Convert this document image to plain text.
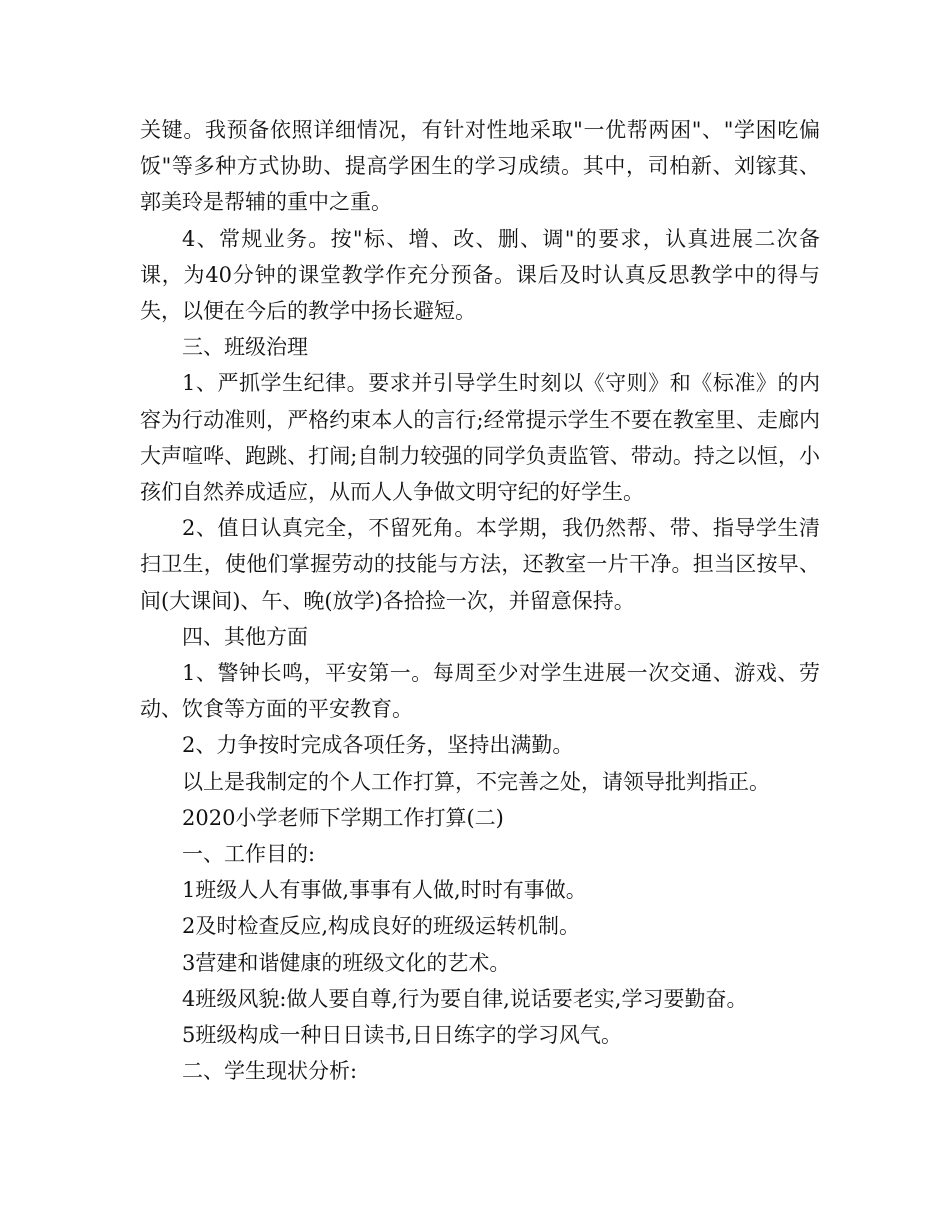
关键。我预备依照详细情况，有针对性地采取"一优帮两困"、"学困吃偏饭"等多种方式协助、提高学困生的学习成绩。其中，司柏新、刘镓萁、郭美玲是帮辅的重中之重。

4、常规业务。按"标、增、改、删、调"的要求，认真进展二次备课，为40分钟的课堂教学作充分预备。课后及时认真反思教学中的得与失，以便在今后的教学中扬长避短。

三、班级治理

1、严抓学生纪律。要求并引导学生时刻以《守则》和《标准》的内容为行动准则，严格约束本人的言行;经常提示学生不要在教室里、走廊内大声喧哗、跑跳、打闹;自制力较强的同学负责监管、带动。持之以恒，小孩们自然养成适应，从而人人争做文明守纪的好学生。

2、值日认真完全，不留死角。本学期，我仍然帮、带、指导学生清扫卫生，使他们掌握劳动的技能与方法，还教室一片干净。担当区按早、间(大课间)、午、晚(放学)各拾捡一次，并留意保持。

四、其他方面

1、警钟长鸣，平安第一。每周至少对学生进展一次交通、游戏、劳动、饮食等方面的平安教育。

2、力争按时完成各项任务，坚持出满勤。

以上是我制定的个人工作打算，不完善之处，请领导批判指正。

2020小学老师下学期工作打算(二)

一、工作目的:

1班级人人有事做,事事有人做,时时有事做。

2及时检查反应,构成良好的班级运转机制。

3营建和谐健康的班级文化的艺术。

4班级风貌:做人要自尊,行为要自律,说话要老实,学习要勤奋。

5班级构成一种日日读书,日日练字的学习风气。

二、学生现状分析:
